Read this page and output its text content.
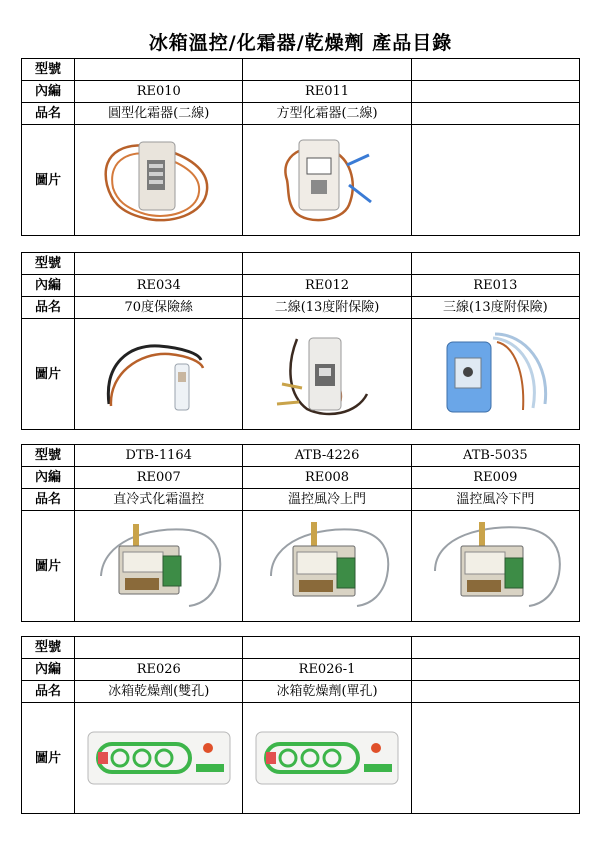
冰箱溫控/化霜器/乾燥劑 產品目錄
型號			
內編	RE010	RE011	
品名	圓型化霜器(二線)	方型化霜器(二線)	
圖片	

型號			
內編	RE034	RE012	RE013
品名	70度保險絲	二線(13度附保險)	三線(13度附保險)
圖片	

型號	DTB-1164	ATB-4226	ATB-5035
內編	RE007	RE008	RE009
品名	直冷式化霜溫控	溫控風冷上門	溫控風冷下門
圖片	

型號			
內編	RE026	RE026-1	
品名	冰箱乾燥劑(雙孔)	冰箱乾燥劑(單孔)	
圖片	
